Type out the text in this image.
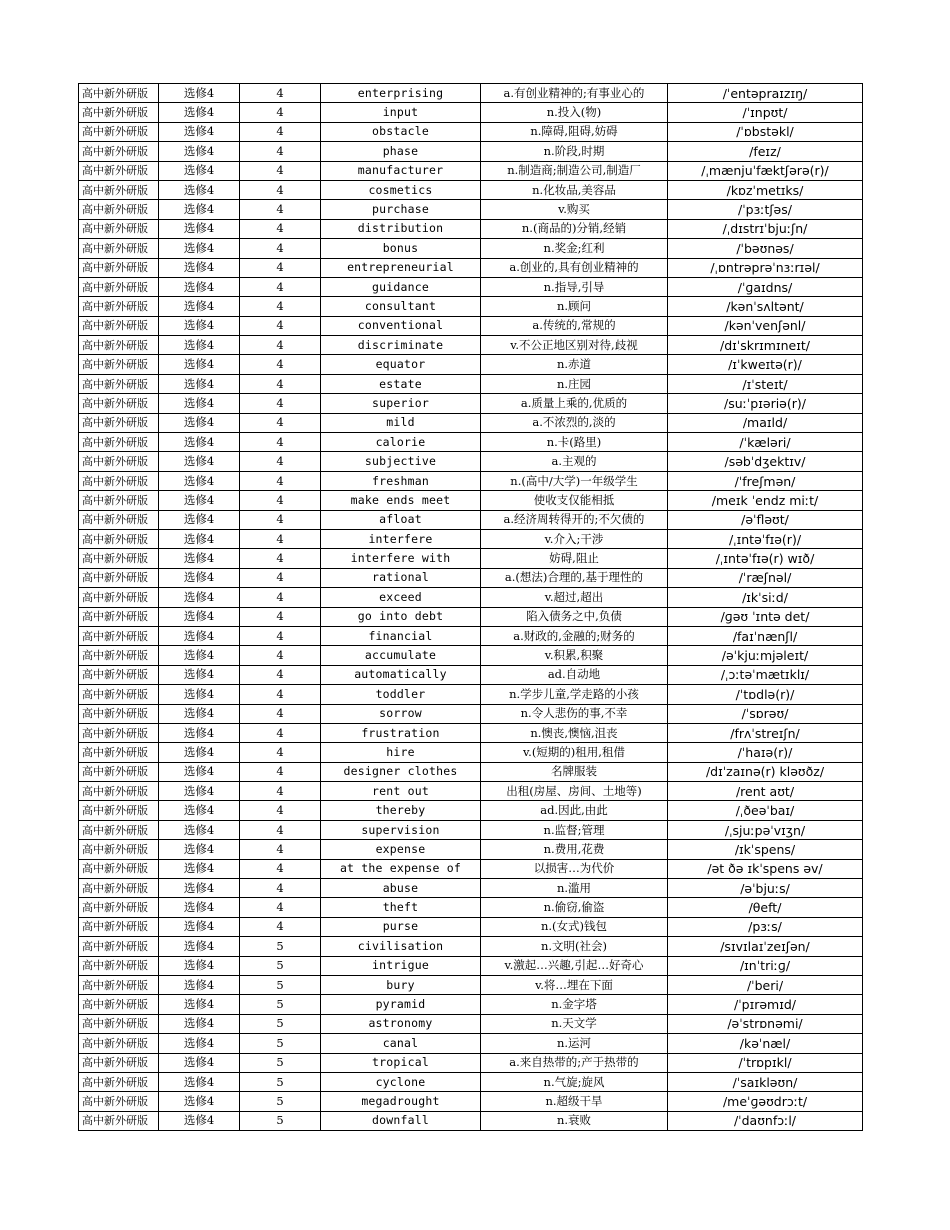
高中新外研版	选修4	4	enterprising	a.有创业精神的;有事业心的	/ˈentəpraɪzɪŋ/
高中新外研版	选修4	4	input	n.投入(物)	/ˈɪnpʊt/
高中新外研版	选修4	4	obstacle	n.障碍,阻碍,妨碍	/ˈɒbstəkl/
高中新外研版	选修4	4	phase	n.阶段,时期	/feɪz/
高中新外研版	选修4	4	manufacturer	n.制造商;制造公司,制造厂	/ˌmænjuˈfæktʃərə(r)/
高中新外研版	选修4	4	cosmetics	n.化妆品,美容品	/kɒzˈmetɪks/
高中新外研版	选修4	4	purchase	v.购买	/ˈpɜːtʃəs/
高中新外研版	选修4	4	distribution	n.(商品的)分销,经销	/ˌdɪstrɪˈbjuːʃn/
高中新外研版	选修4	4	bonus	n.奖金;红利	/ˈbəʊnəs/
高中新外研版	选修4	4	entrepreneurial	a.创业的,具有创业精神的	/ˌɒntrəprəˈnɜːrɪəl/
高中新外研版	选修4	4	guidance	n.指导,引导	/ˈɡaɪdns/
高中新外研版	选修4	4	consultant	n.顾问	/kənˈsʌltənt/
高中新外研版	选修4	4	conventional	a.传统的,常规的	/kənˈvenʃənl/
高中新外研版	选修4	4	discriminate	v.不公正地区别对待,歧视	/dɪˈskrɪmɪneɪt/
高中新外研版	选修4	4	equator	n.赤道	/ɪˈkweɪtə(r)/
高中新外研版	选修4	4	estate	n.庄园	/ɪˈsteɪt/
高中新外研版	选修4	4	superior	a.质量上乘的,优质的	/suːˈpɪəriə(r)/
高中新外研版	选修4	4	mild	a.不浓烈的,淡的	/maɪld/
高中新外研版	选修4	4	calorie	n.卡(路里)	/ˈkæləri/
高中新外研版	选修4	4	subjective	a.主观的	/səbˈdʒektɪv/
高中新外研版	选修4	4	freshman	n.(高中/大学)一年级学生	/ˈfreʃmən/
高中新外研版	选修4	4	make ends meet	使收支仅能相抵	/meɪk ˈendz miːt/
高中新外研版	选修4	4	afloat	a.经济周转得开的;不欠债的	/əˈfləʊt/
高中新外研版	选修4	4	interfere	v.介入;干涉	/ˌɪntəˈfɪə(r)/
高中新外研版	选修4	4	interfere with	妨碍,阻止	/ˌɪntəˈfɪə(r) wɪð/
高中新外研版	选修4	4	rational	a.(想法)合理的,基于理性的	/ˈræʃnəl/
高中新外研版	选修4	4	exceed	v.超过,超出	/ɪkˈsiːd/
高中新外研版	选修4	4	go into debt	陷入债务之中,负债	/ɡəʊ ˈɪntə det/
高中新外研版	选修4	4	financial	a.财政的,金融的;财务的	/faɪˈnænʃl/
高中新外研版	选修4	4	accumulate	v.积累,积聚	/əˈkjuːmjəleɪt/
高中新外研版	选修4	4	automatically	ad.自动地	/ˌɔːtəˈmætɪklɪ/
高中新外研版	选修4	4	toddler	n.学步儿童,学走路的小孩	/ˈtɒdlə(r)/
高中新外研版	选修4	4	sorrow	n.令人悲伤的事,不幸	/ˈsɒrəʊ/
高中新外研版	选修4	4	frustration	n.懊丧,懊恼,沮丧	/frʌˈstreɪʃn/
高中新外研版	选修4	4	hire	v.(短期的)租用,租借	/ˈhaɪə(r)/
高中新外研版	选修4	4	designer clothes	名牌服装	/dɪˈzaɪnə(r) kləʊðz/
高中新外研版	选修4	4	rent out	出租(房屋、房间、土地等)	/rent aʊt/
高中新外研版	选修4	4	thereby	ad.因此,由此	/ˌðeəˈbaɪ/
高中新外研版	选修4	4	supervision	n.监督;管理	/ˌsjuːpəˈvɪʒn/
高中新外研版	选修4	4	expense	n.费用,花费	/ɪkˈspens/
高中新外研版	选修4	4	at the expense of	以损害…为代价	/ət ðə ɪkˈspens əv/
高中新外研版	选修4	4	abuse	n.滥用	/əˈbjuːs/
高中新外研版	选修4	4	theft	n.偷窃,偷盗	/θeft/
高中新外研版	选修4	4	purse	n.(女式)钱包	/pɜːs/
高中新外研版	选修4	5	civilisation	n.文明(社会)	/sɪvɪlaɪˈzeɪʃən/
高中新外研版	选修4	5	intrigue	v.激起…兴趣,引起…好奇心	/ɪnˈtriːɡ/
高中新外研版	选修4	5	bury	v.将…埋在下面	/ˈberi/
高中新外研版	选修4	5	pyramid	n.金字塔	/ˈpɪrəmɪd/
高中新外研版	选修4	5	astronomy	n.天文学	/əˈstrɒnəmi/
高中新外研版	选修4	5	canal	n.运河	/kəˈnæl/
高中新外研版	选修4	5	tropical	a.来自热带的;产于热带的	/ˈtrɒpɪkl/
高中新外研版	选修4	5	cyclone	n.气旋;旋风	/ˈsaɪkləʊn/
高中新外研版	选修4	5	megadrought	n.超级干旱	/meˈɡəʊdrɔːt/
高中新外研版	选修4	5	downfall	n.衰败	/ˈdaʊnfɔːl/
